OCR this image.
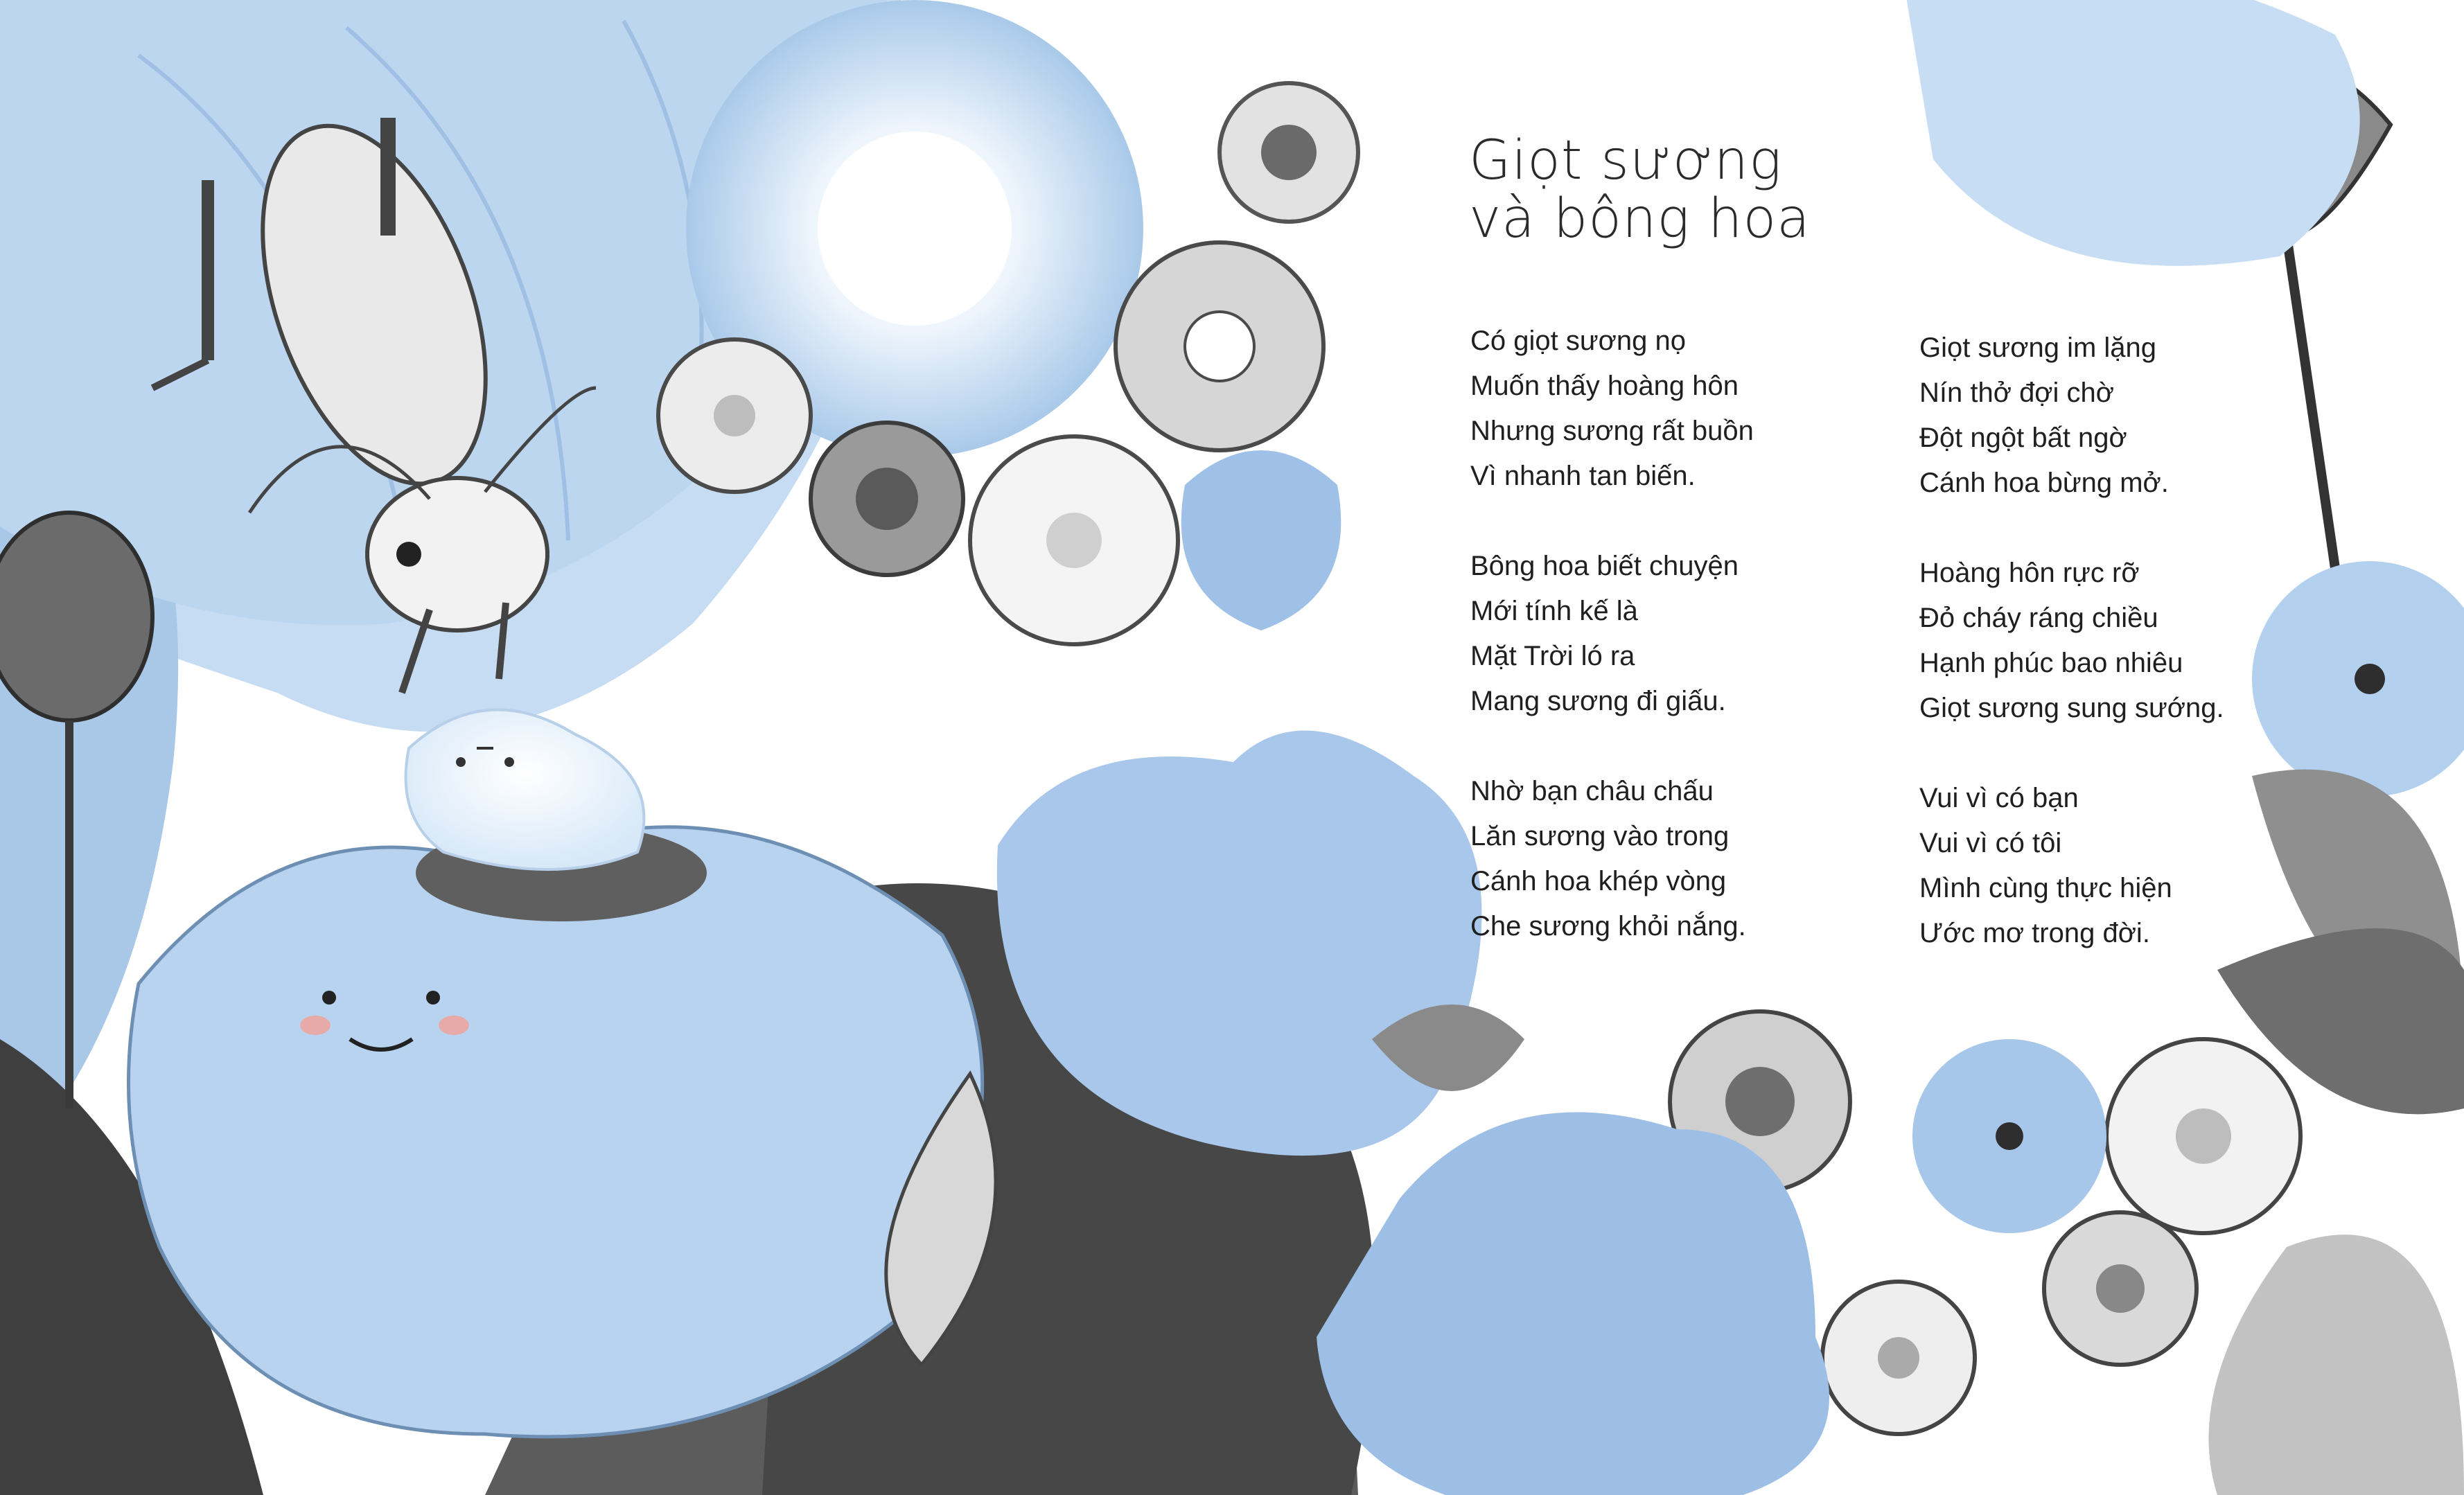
Giọt sương
và bông hoa
Có giọt sương nọ
Muốn thấy hoàng hôn
Nhưng sương rất buồn
Vì nhanh tan biến.
Bông hoa biết chuyện
Mới tính kế là
Mặt Trời ló ra
Mang sương đi giấu.
Nhờ bạn châu chấu
Lăn sương vào trong
Cánh hoa khép vòng
Che sương khỏi nắng.
Giọt sương im lặng
Nín thở đợi chờ
Đột ngột bất ngờ
Cánh hoa bừng mở.
Hoàng hôn rực rỡ
Đỏ cháy ráng chiều
Hạnh phúc bao nhiêu
Giọt sương sung sướng.
Vui vì có bạn
Vui vì có tôi
Mình cùng thực hiện
Ước mơ trong đời.
